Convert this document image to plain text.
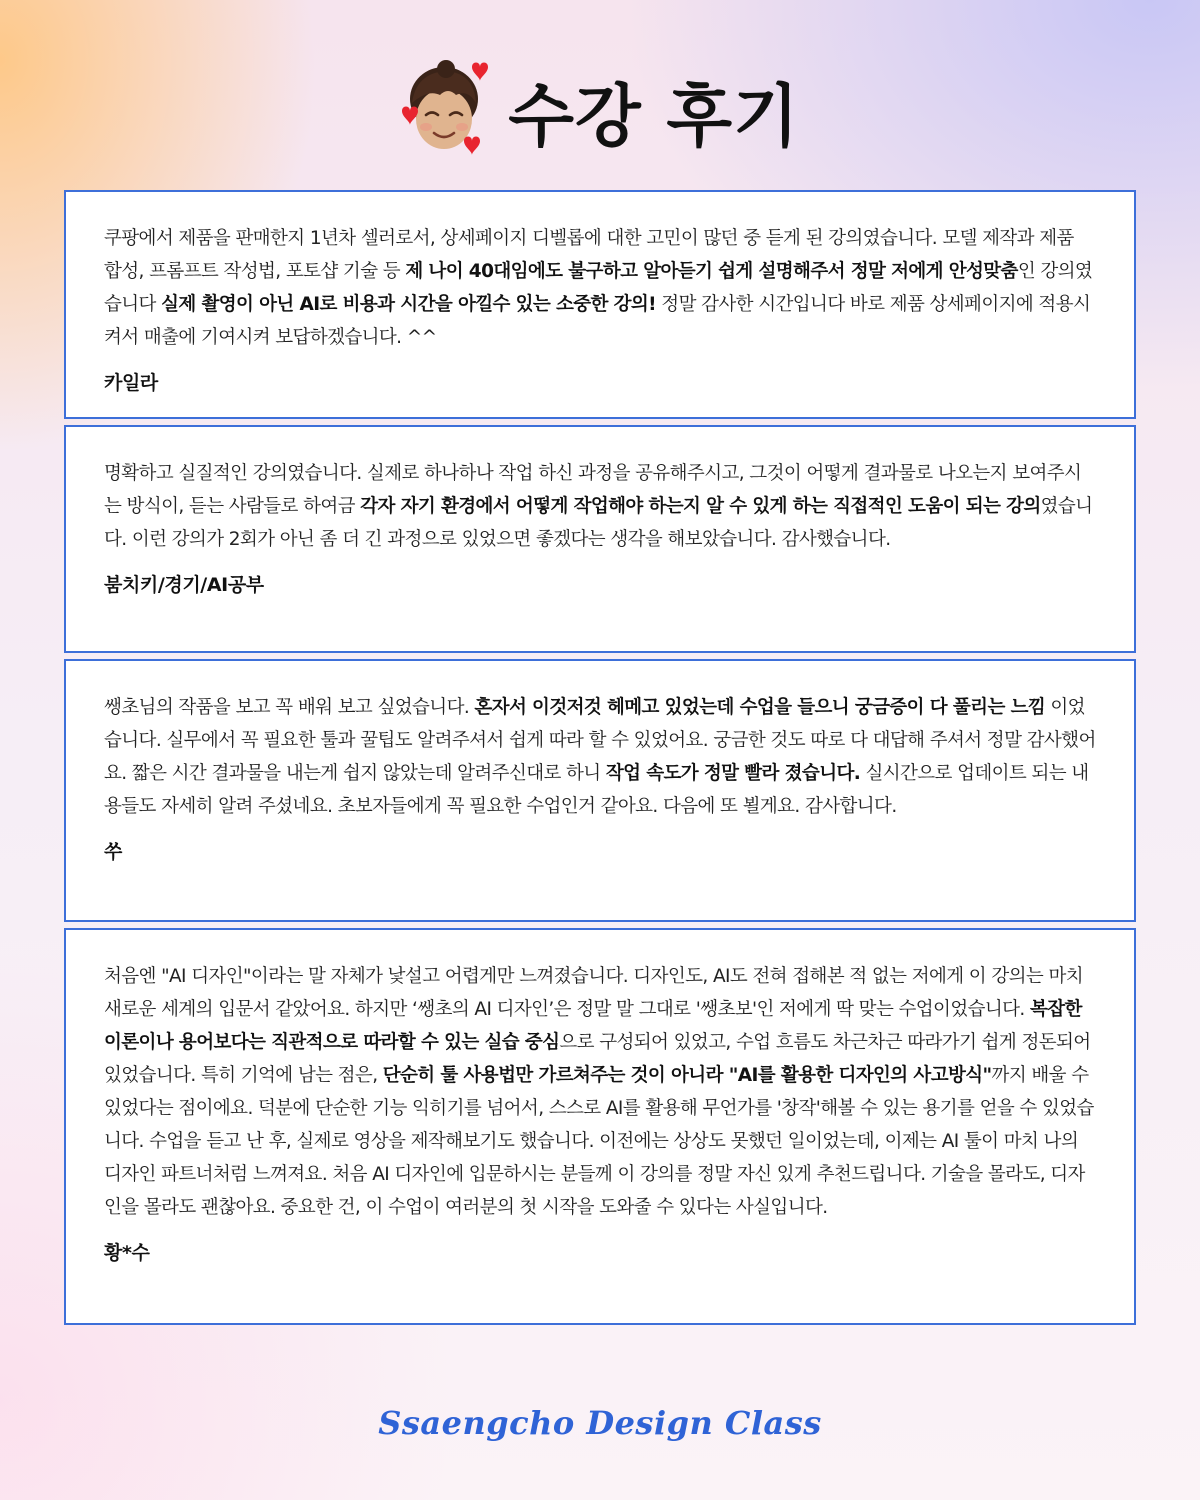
수강 후기

쿠팡에서 제품을 판매한지 1년차 셀러로서, 상세페이지 디벨롭에 대한 고민이 많던 중 듣게 된 강의였습니다. 모델 제작과 제품 합성, 프롬프트 작성법, 포토샵 기술 등 제 나이 40대임에도 불구하고 알아듣기 쉽게 설명해주서 정말 저에게 안성맞춤인 강의였습니다 실제 촬영이 아닌 AI로 비용과 시간을 아낄수 있는 소중한 강의! 정말 감사한 시간입니다 바로 제품 상세페이지에 적용시켜서 매출에 기여시켜 보답하겠습니다. ^^

카일라

명확하고 실질적인 강의였습니다. 실제로 하나하나 작업 하신 과정을 공유해주시고, 그것이 어떻게 결과물로 나오는지 보여주시는 방식이, 듣는 사람들로 하여금 각자 자기 환경에서 어떻게 작업해야 하는지 알 수 있게 하는 직접적인 도움이 되는 강의였습니다. 이런 강의가 2회가 아닌 좀 더 긴 과정으로 있었으면 좋겠다는 생각을 해보았습니다. 감사했습니다.

붐치키/경기/AI공부

쌩초님의 작품을 보고 꼭 배워 보고 싶었습니다. 혼자서 이것저것 헤메고 있었는데 수업을 들으니 궁금증이 다 풀리는 느낌 이었습니다. 실무에서 꼭 필요한 툴과 꿀팁도 알려주셔서 쉽게 따라 할 수 있었어요. 궁금한 것도 따로 다 대답해 주셔서 정말 감사했어요. 짧은 시간 결과물을 내는게 쉽지 않았는데 알려주신대로 하니 작업 속도가 정말 빨라 졌습니다. 실시간으로 업데이트 되는 내용들도 자세히 알려 주셨네요. 초보자들에게 꼭 필요한 수업인거 같아요. 다음에 또 뵐게요. 감사합니다.

쑤

처음엔 "AI 디자인"이라는 말 자체가 낯설고 어렵게만 느껴졌습니다. 디자인도, AI도 전혀 접해본 적 없는 저에게 이 강의는 마치 새로운 세계의 입문서 같았어요. 하지만 ‘쌩초의 AI 디자인’은 정말 말 그대로 '쌩초보'인 저에게 딱 맞는 수업이었습니다. 복잡한 이론이나 용어보다는 직관적으로 따라할 수 있는 실습 중심으로 구성되어 있었고, 수업 흐름도 차근차근 따라가기 쉽게 정돈되어 있었습니다. 특히 기억에 남는 점은, 단순히 툴 사용법만 가르쳐주는 것이 아니라 "AI를 활용한 디자인의 사고방식"까지 배울 수 있었다는 점이에요. 덕분에 단순한 기능 익히기를 넘어서, 스스로 AI를 활용해 무언가를 '창작'해볼 수 있는 용기를 얻을 수 있었습니다. 수업을 듣고 난 후, 실제로 영상을 제작해보기도 했습니다. 이전에는 상상도 못했던 일이었는데, 이제는 AI 툴이 마치 나의 디자인 파트너처럼 느껴져요. 처음 AI 디자인에 입문하시는 분들께 이 강의를 정말 자신 있게 추천드립니다. 기술을 몰라도, 디자인을 몰라도 괜찮아요. 중요한 건, 이 수업이 여러분의 첫 시작을 도와줄 수 있다는 사실입니다.

황*수
Ssaengcho Design Class
